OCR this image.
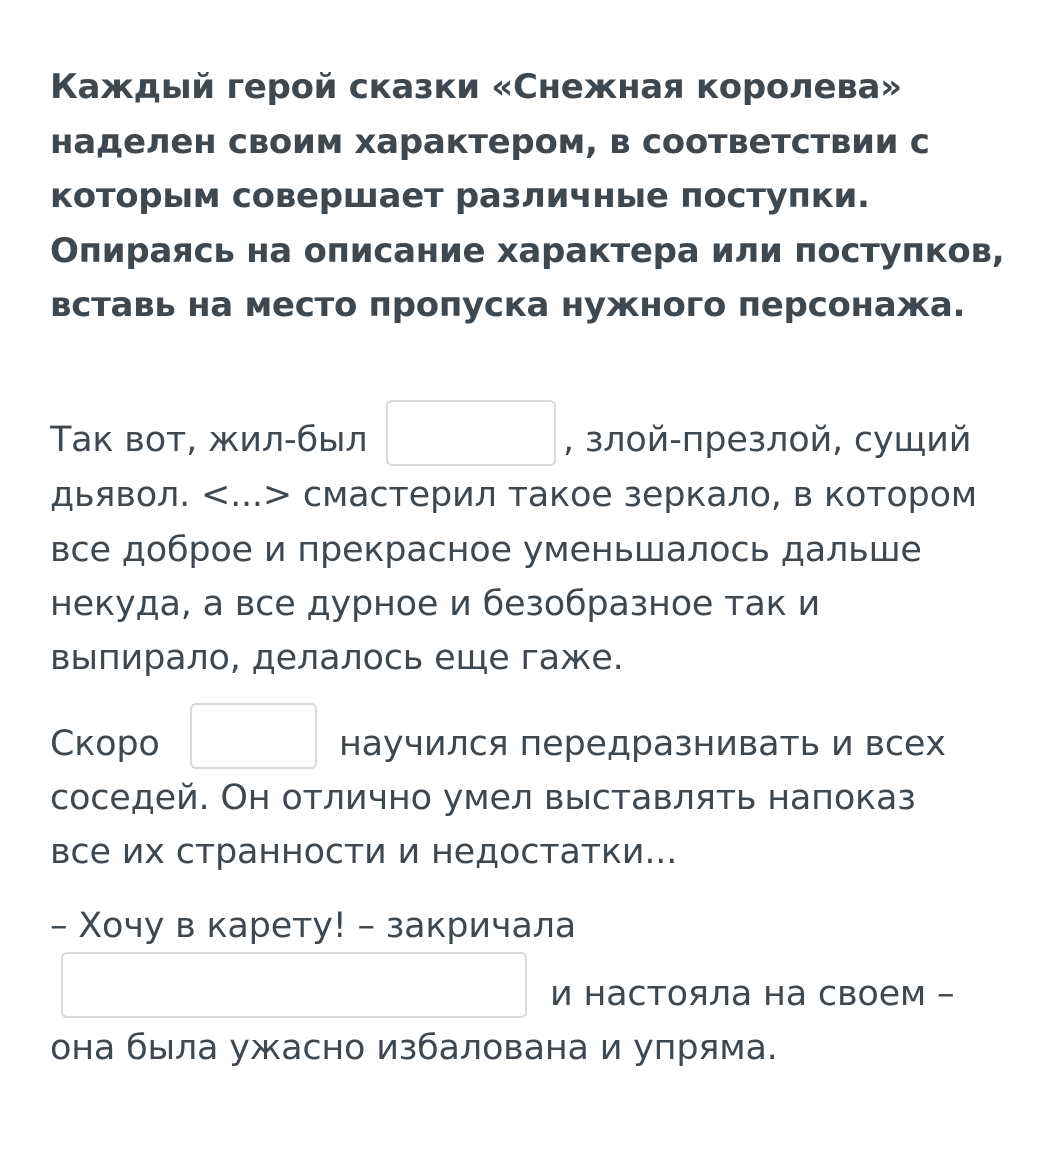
Каждый герой сказки «Снежная королева» наделен своим характером, в соответствии с которым совершает различные поступки. Опираясь на описание характера или поступков, вставь на место пропуска нужного персонажа.

Так вот, жил-был	, злой-презлой, сущий

дьявол. <...> смастерил такое зеркало, в котором

все доброе и прекрасное уменьшалось дальше

некуда, а все дурное и безобразное так и

выпирало, делалось еще гаже.

Скоро	научился передразнивать и всех

соседей. Он отлично умел выставлять напоказ

все их странности и недостатки...

– Хочу в карету! – закричала

и настояла на своем –

она была ужасно избалована и упряма.
